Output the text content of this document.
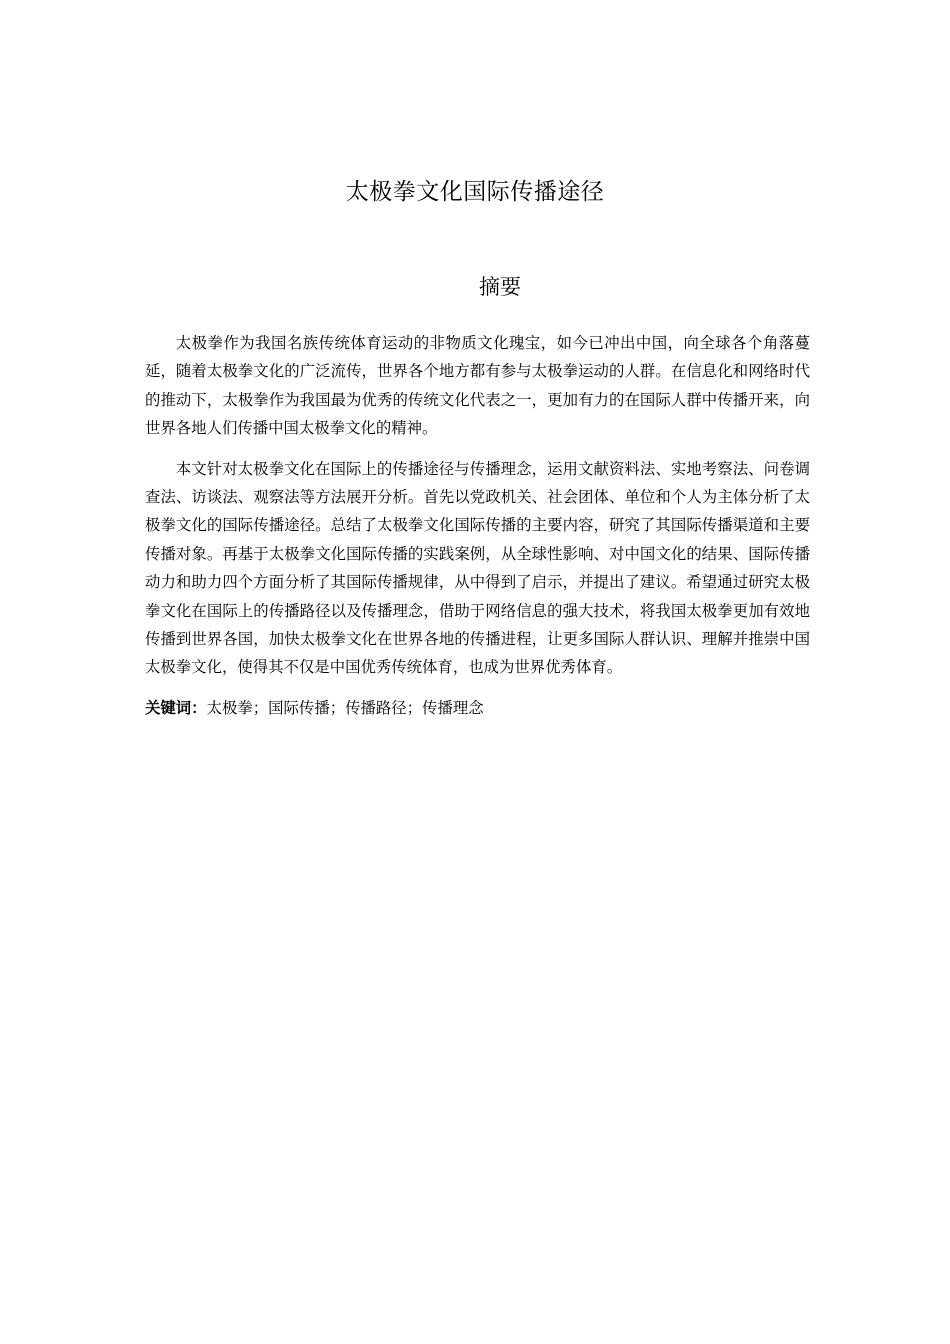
太极拳文化国际传播途径
摘要

太极拳作为我国名族传统体育运动的非物质文化瑰宝，如今已冲出中国，向全球各个角落蔓延，随着太极拳文化的广泛流传，世界各个地方都有参与太极拳运动的人群。在信息化和网络时代的推动下，太极拳作为我国最为优秀的传统文化代表之一，更加有力的在国际人群中传播开来，向世界各地人们传播中国太极拳文化的精神。

本文针对太极拳文化在国际上的传播途径与传播理念，运用文献资料法、实地考察法、问卷调查法、访谈法、观察法等方法展开分析。首先以党政机关、社会团体、单位和个人为主体分析了太极拳文化的国际传播途径。总结了太极拳文化国际传播的主要内容，研究了其国际传播渠道和主要传播对象。再基于太极拳文化国际传播的实践案例，从全球性影响、对中国文化的结果、国际传播动力和助力四个方面分析了其国际传播规律，从中得到了启示，并提出了建议。希望通过研究太极拳文化在国际上的传播路径以及传播理念，借助于网络信息的强大技术，将我国太极拳更加有效地传播到世界各国，加快太极拳文化在世界各地的传播进程，让更多国际人群认识、理解并推崇中国太极拳文化，使得其不仅是中国优秀传统体育，也成为世界优秀体育。

关键词：太极拳；国际传播；传播路径；传播理念
